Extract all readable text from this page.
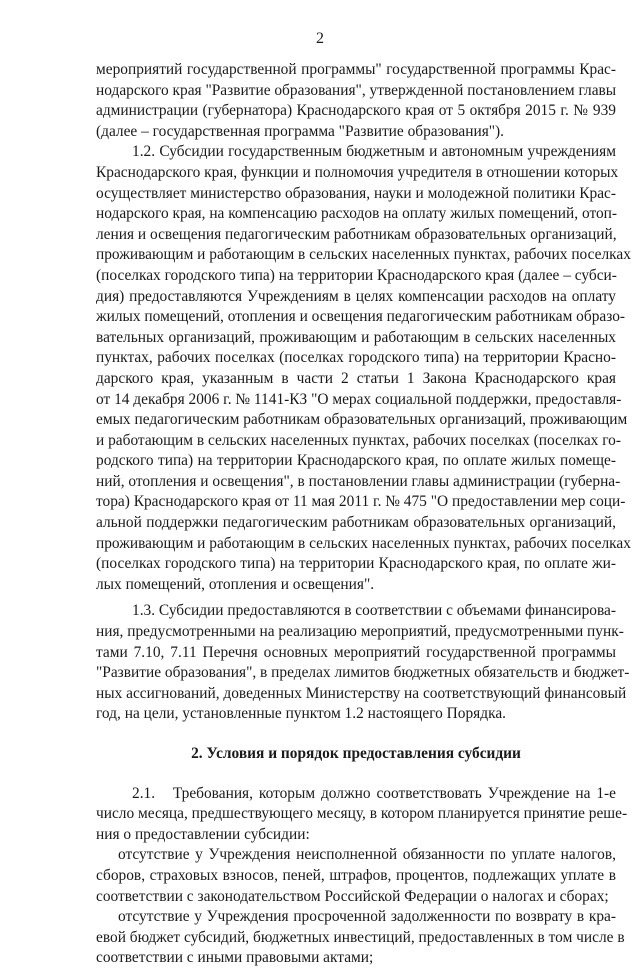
2
мероприятий государственной программы" государственной программы Крас-
нодарского края "Развитие образования", утвержденной постановлением главы
администрации (губернатора) Краснодарского края от 5 октября 2015 г. № 939
(далее – государственная программа "Развитие образования").
1.2. Субсидии государственным бюджетным и автономным учреждениям
Краснодарского края, функции и полномочия учредителя в отношении которых
осуществляет министерство образования, науки и молодежной политики Крас-
нодарского края, на компенсацию расходов на оплату жилых помещений, отоп-
ления и освещения педагогическим работникам образовательных организаций,
проживающим и работающим в сельских населенных пунктах, рабочих поселках
(поселках городского типа) на территории Краснодарского края (далее – субси-
дия) предоставляются Учреждениям в целях компенсации расходов на оплату
жилых помещений, отопления и освещения педагогическим работникам образо-
вательных организаций, проживающим и работающим в сельских населенных
пунктах, рабочих поселках (поселках городского типа) на территории Красно-
дарского края, указанным в части 2 статьи 1 Закона Краснодарского края
от 14 декабря 2006 г. № 1141-КЗ "О мерах социальной поддержки, предоставля-
емых педагогическим работникам образовательных организаций, проживающим
и работающим в сельских населенных пунктах, рабочих поселках (поселках го-
родского типа) на территории Краснодарского края, по оплате жилых помеще-
ний, отопления и освещения", в постановлении главы администрации (губерна-
тора) Краснодарского края от 11 мая 2011 г. № 475 "О предоставлении мер соци-
альной поддержки педагогическим работникам образовательных организаций,
проживающим и работающим в сельских населенных пунктах, рабочих поселках
(поселках городского типа) на территории Краснодарского края, по оплате жи-
лых помещений, отопления и освещения".
1.3. Субсидии предоставляются в соответствии с объемами финансирова-
ния, предусмотренными на реализацию мероприятий, предусмотренными пунк-
тами 7.10, 7.11 Перечня основных мероприятий государственной программы
"Развитие образования", в пределах лимитов бюджетных обязательств и бюджет-
ных ассигнований, доведенных Министерству на соответствующий финансовый
год, на цели, установленные пунктом 1.2 настоящего Порядка.
2. Условия и порядок предоставления субсидии
2.1.   Требования, которым должно соответствовать Учреждение на 1-е
число месяца, предшествующего месяцу, в котором планируется принятие реше-
ния о предоставлении субсидии:
отсутствие у Учреждения неисполненной обязанности по уплате налогов,
сборов, страховых взносов, пеней, штрафов, процентов, подлежащих уплате в
соответствии с законодательством Российской Федерации о налогах и сборах;
отсутствие у Учреждения просроченной задолженности по возврату в кра-
евой бюджет субсидий, бюджетных инвестиций, предоставленных в том числе в
соответствии с иными правовыми актами;
